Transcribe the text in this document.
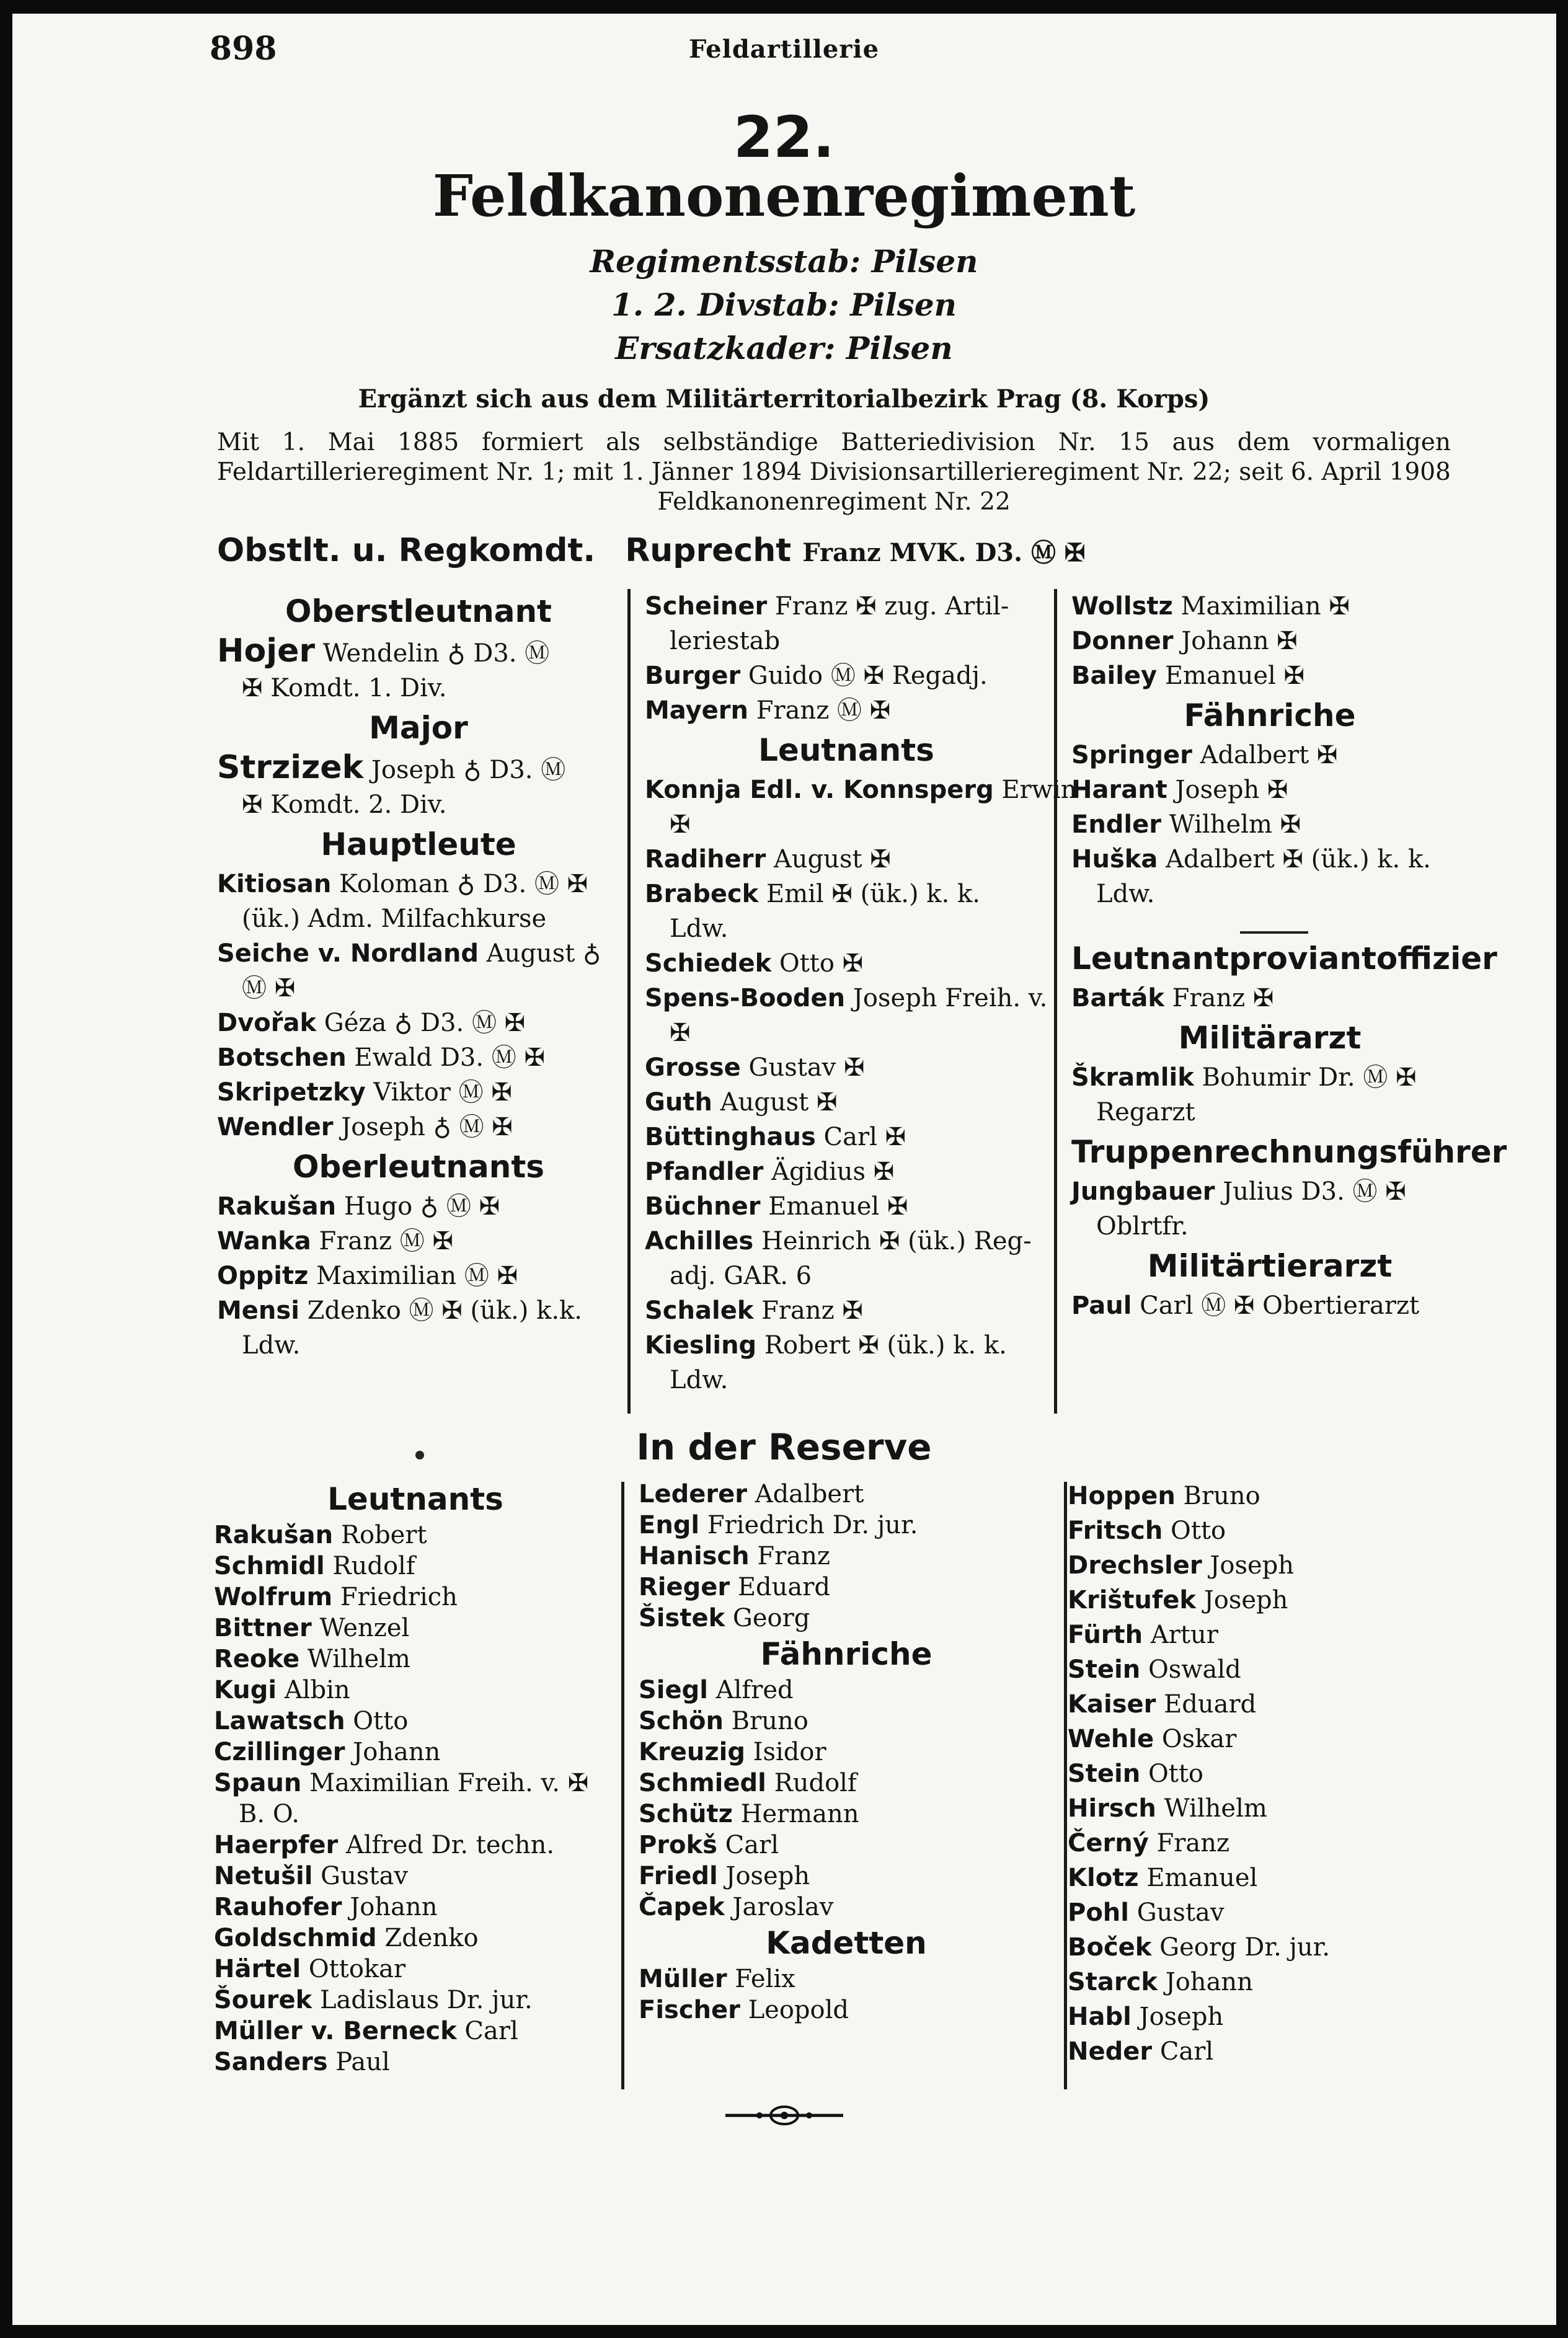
898	Feldartillerie
22.
Feldkanonenregiment
Regimentsstab: Pilsen
1. 2. Divstab: Pilsen
Ersatzkader: Pilsen
Ergänzt sich aus dem Militärterritorialbezirk Prag (8. Korps)
Mit 1. Mai 1885 formiert als selbständige Batteriedivision Nr. 15 aus dem vormaligen Feldartillerieregiment Nr. 1; mit 1. Jänner 1894 Divisionsartillerieregiment Nr. 22; seit 6. April 1908
Feldkanonenregiment Nr. 22
Obstlt. u. Regkomdt. Ruprecht Franz MVK. D3. Ⓜ ✠
Oberstleutnant
Hojer Wendelin ♁ D3. Ⓜ
✠ Komdt. 1. Div.
Major
Strzizek Joseph ♁ D3. Ⓜ
✠ Komdt. 2. Div.
Hauptleute
Kitiosan Koloman ♁ D3. Ⓜ ✠
(ük.) Adm. Milfachkurse
Seiche v. Nordland August ♁
Ⓜ ✠
Dvořak Géza ♁ D3. Ⓜ ✠
Botschen Ewald D3. Ⓜ ✠
Skripetzky Viktor Ⓜ ✠
Wendler Joseph ♁ Ⓜ ✠
Oberleutnants
Rakušan Hugo ♁ Ⓜ ✠
Wanka Franz Ⓜ ✠
Oppitz Maximilian Ⓜ ✠
Mensi Zdenko Ⓜ ✠ (ük.) k.k.
Ldw.
Scheiner Franz ✠ zug. Artil-
leriestab
Burger Guido Ⓜ ✠ Regadj.
Mayern Franz Ⓜ ✠
Leutnants
Konnja Edl. v. Konnsperg Erwin
✠
Radiherr August ✠
Brabeck Emil ✠ (ük.) k. k.
Ldw.
Schiedek Otto ✠
Spens-Booden Joseph Freih. v.
✠
Grosse Gustav ✠
Guth August ✠
Büttinghaus Carl ✠
Pfandler Ägidius ✠
Büchner Emanuel ✠
Achilles Heinrich ✠ (ük.) Reg-
adj. GAR. 6
Schalek Franz ✠
Kiesling Robert ✠ (ük.) k. k.
Ldw.
Wollstz Maximilian ✠
Donner Johann ✠
Bailey Emanuel ✠
Fähnriche
Springer Adalbert ✠
Harant Joseph ✠
Endler Wilhelm ✠
Huška Adalbert ✠ (ük.) k. k.
Ldw.
Leutnantproviantoffizier
Barták Franz ✠
Militärarzt
Škramlik Bohumir Dr. Ⓜ ✠
Regarzt
Truppenrechnungsführer
Jungbauer Julius D3. Ⓜ ✠
Oblrtfr.
Militärtierarzt
Paul Carl Ⓜ ✠ Obertierarzt
In der Reserve
Leutnants
Rakušan Robert
Schmidl Rudolf
Wolfrum Friedrich
Bittner Wenzel
Reoke Wilhelm
Kugi Albin
Lawatsch Otto
Czillinger Johann
Spaun Maximilian Freih. v. ✠
B. O.
Haerpfer Alfred Dr. techn.
Netušil Gustav
Rauhofer Johann
Goldschmid Zdenko
Härtel Ottokar
Šourek Ladislaus Dr. jur.
Müller v. Berneck Carl
Sanders Paul
Lederer Adalbert
Engl Friedrich Dr. jur.
Hanisch Franz
Rieger Eduard
Šistek Georg
Fähnriche
Siegl Alfred
Schön Bruno
Kreuzig Isidor
Schmiedl Rudolf
Schütz Hermann
Prokš Carl
Friedl Joseph
Čapek Jaroslav
Kadetten
Müller Felix
Fischer Leopold
Hoppen Bruno
Fritsch Otto
Drechsler Joseph
Krištufek Joseph
Fürth Artur
Stein Oswald
Kaiser Eduard
Wehle Oskar
Stein Otto
Hirsch Wilhelm
Černý Franz
Klotz Emanuel
Pohl Gustav
Boček Georg Dr. jur.
Starck Johann
Habl Joseph
Neder Carl
